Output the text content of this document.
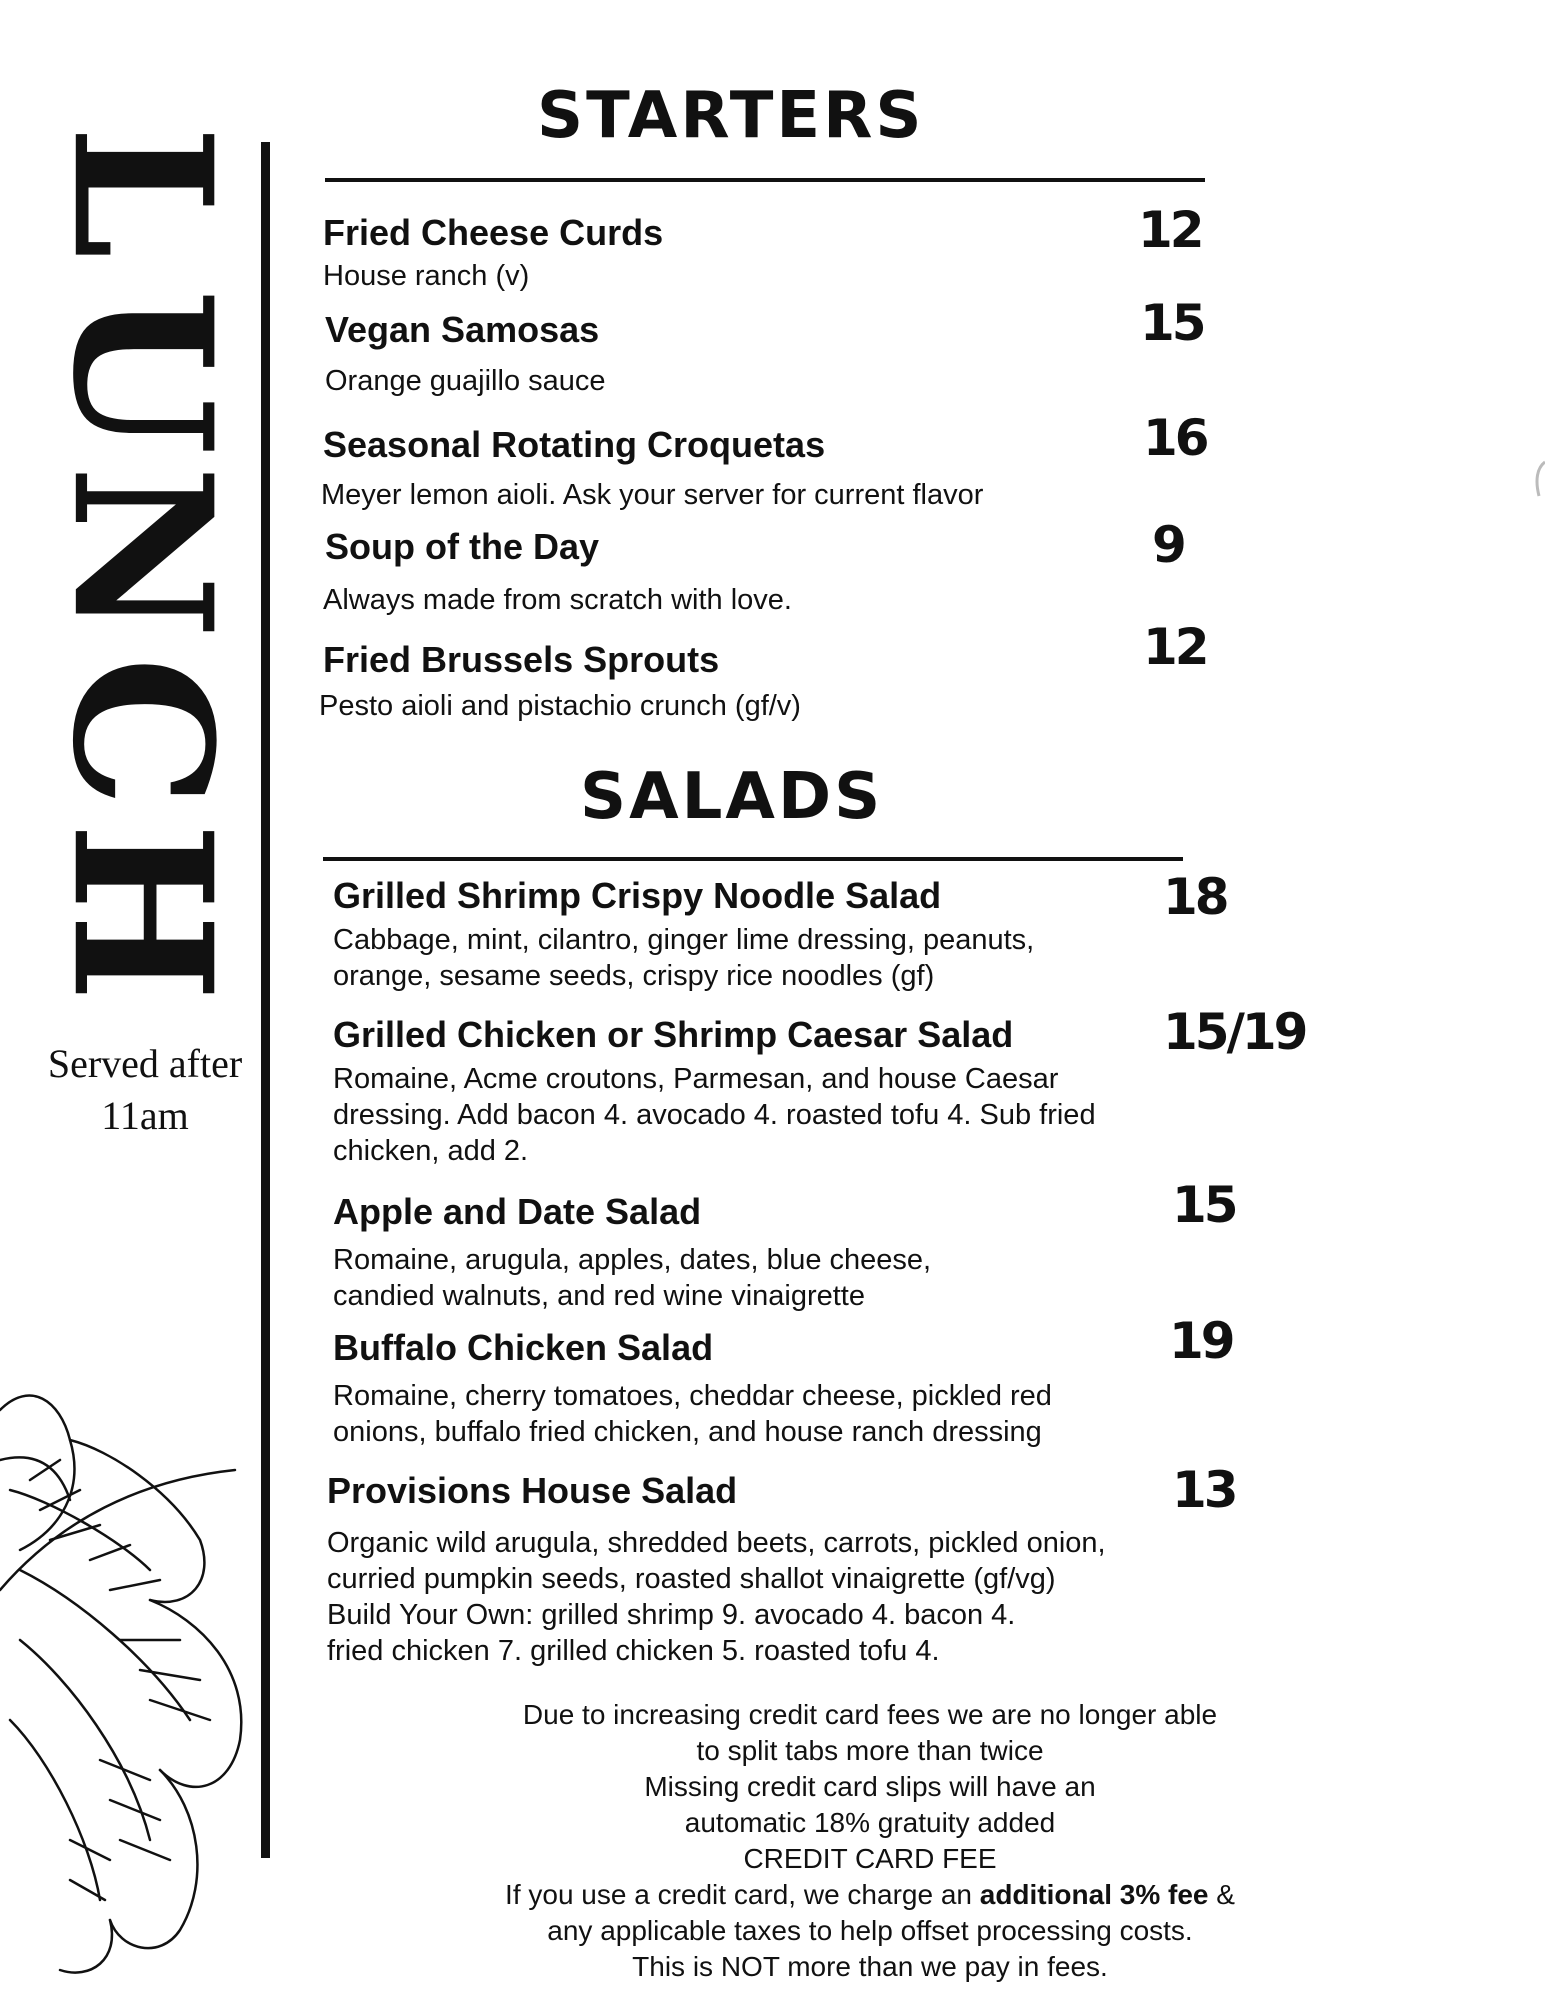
L
U
N
C
H
Served after
11am
STARTERS
Fried Cheese Curds
House ranch (v)
12
Vegan Samosas
Orange guajillo sauce
15
Seasonal Rotating Croquetas
Meyer lemon aioli. Ask your server for current flavor
16
Soup of the Day
Always made from scratch with love.
9
Fried Brussels Sprouts
Pesto aioli and pistachio crunch (gf/v)
12
SALADS
Grilled Shrimp Crispy Noodle Salad
Cabbage, mint, cilantro, ginger lime dressing, peanuts,
orange, sesame seeds, crispy rice noodles (gf)
18
Grilled Chicken or Shrimp Caesar Salad
Romaine, Acme croutons, Parmesan, and house Caesar
dressing. Add bacon 4. avocado 4. roasted tofu 4. Sub fried
chicken, add 2.
15/19
Apple and Date Salad
Romaine, arugula, apples, dates, blue cheese,
candied walnuts, and red wine vinaigrette
15
Buffalo Chicken Salad
Romaine, cherry tomatoes, cheddar cheese, pickled red
onions, buffalo fried chicken, and house ranch dressing
19
Provisions House Salad
Organic wild arugula, shredded beets, carrots, pickled onion,
curried pumpkin seeds, roasted shallot vinaigrette (gf/vg)
Build Your Own: grilled shrimp 9. avocado 4. bacon 4.
fried chicken 7. grilled chicken 5. roasted tofu 4.
13
Due to increasing credit card fees we are no longer able
to split tabs more than twice
Missing credit card slips will have an
automatic 18% gratuity added
CREDIT CARD FEE
If you use a credit card, we charge an additional 3% fee &
any applicable taxes to help offset processing costs.
This is NOT more than we pay in fees.
